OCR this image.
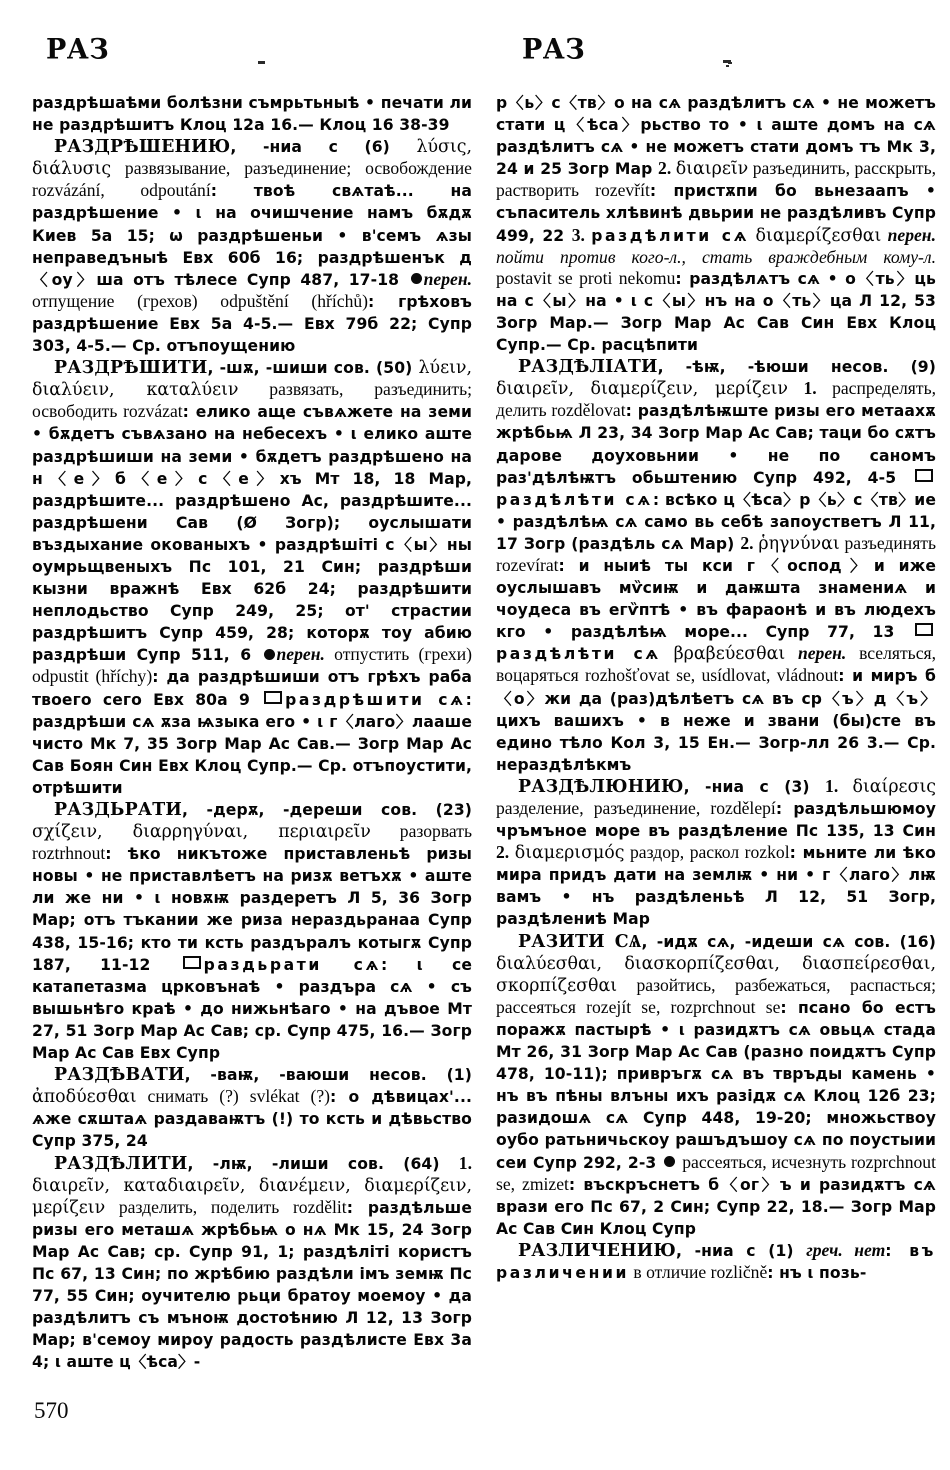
РАЗ	РАЗ
раздрѣшаѣми болѣзни съмрьтьныѣ • печати ли не раздрѣшитъ Клоц 12а 16.— Клоц 16 38-39
РАЗДРѢШЕНИЮ, -ниа с (6) λύσις, διάλυσις развязывание, разъединение; освобождение rozvázání, odpoutání: твоѣ свѧтаѣ... на раздрѣшение • ι на очишчение намъ бѫдѫ Киев 5а 15; ѡ раздрѣшеньи • в'семъ ѧзы неправедъныѣ Евх 60б 16; раздрѣшенък д〈оу〉ша отъ тѣлесе Супр 487, 17-18 перен. отпущение (грехов) odpuštění (hříchů): грѣховъ раздрѣшение Евх 5а 4-5.— Евх 79б 22; Супр 303, 4-5.— Ср. отъпоущению
РАЗДРѢШИТИ, -шѫ, -шиши сов. (50) λύειν, διαλύειν, καταλύειν развязать, разъединить; освободить rozvázat: елико аще съвѧжете на земи • бѫдетъ съвѧзано на небесехъ • ι елико аште раздрѣшиши на земи • бѫдетъ раздрѣшено на н〈е〉б〈е〉с〈е〉хъ Мт 18, 18 Мар, раздрѣшите... раздрѣшено Ас, раздрѣшите... раздрѣшени Сав (Ø Зогр); оуслышати въздыхание окованыхъ • раздрѣшiтi с〈ы〉ны оумрьщвеныхъ Пс 101, 21 Син; раздрѣши кызни вражнѣ Евх 62б 24; раздрѣшити неплодьство Супр 249, 25; от' страстии раздрѣшитъ Супр 459, 28; которѫ тоу абию раздрѣши Супр 511, 6 перен. отпустить (грехи) odpustit (hříchy): да раздрѣшиши отъ грѣхъ раба твоего сего Евх 80а 9 раздрѣшити сѧ: раздрѣши сѧ ѫза ѩзыка его • ι г〈лаго〉лааше чисто Мк 7, 35 Зогр Мар Ас Сав.— Зогр Мар Ас Сав Боян Син Евх Клоц Супр.— Ср. отъпоустити, отрѣшити
РАЗДЬРАТИ, -дерѫ, -дереши сов. (23) σχίζειν, διαρρηγύναι, περιαιρεῖν разорвать roztrhnout: ѣко никътоже приставленьѣ ризы новы • не приставлѣетъ на ризѫ ветъхѫ • аште ли же ни • ι новѫѭ раздеретъ Л 5, 36 Зогр Мар; отъ тъкании же риза нераздьранаа Супр 438, 15-16; кто ти ксть раздъралъ котыгѫ Супр 187, 11-12 раздьрати сѧ: ι се катапетазма црковънаѣ • раздъра сѧ • съ вышьнѣго краѣ • до нижьнѣаго • на дъвое Мт 27, 51 Зогр Мар Ас Сав; ср. Супр 475, 16.— Зогр Мар Ас Сав Евх Супр
РАЗДѢВАТИ, -ваѭ, -ваюши несов. (1) ἀποδύεσθαι снимать (?) svlékat (?): о дѣвицах'... ѧже сѫштаѧ раздаваѭтъ (!) то ксть и дѣвьство Супр 375, 24
РАЗДѢЛИТИ, -лѭ, -лиши сов. (64) 1. διαιρεῖν, καταδιαιρεῖν, διανέμειν, διαμερίζειν, μερίζειν разделить, поделить rozdělit: раздѣльше ризы его меташѧ жрѣбьѩ о нѧ Мк 15, 24 Зогр Мар Ас Сав; ср. Супр 91, 1; раздѣлiтi користъ Пс 67, 13 Син; по жрѣбию раздѣли iмъ земѭ Пс 77, 55 Син; оучителю рьци братоу моемоу • да раздѣлитъ съ мъноѭ достоѣнию Л 12, 13 Зогр Мар; в'семоу мироу радость раздѣлисте Евх 3а 4; ι аште ц〈ѣса〉-
р〈ь〉с〈тв〉о на сѧ раздѣлитъ сѧ • не можетъ стати ц〈ѣса〉рьство то • ι аште домъ на сѧ раздѣлитъ сѧ • не можетъ стати домъ тъ Мк 3, 24 и 25 Зогр Мар 2. διαιρεῖν разъединить, расскрыть, растворить rozevřít: пристѫпи бо вьнезаапъ • съпаситель хлѣвинѣ двьрии не раздѣливъ Супр 499, 22 3. раздѣлити сѧ διαμερίζεσθαι перен. пойти против кого-л., стать враждебным кому-л. postavit se proti nekomu: раздѣлѧтъ сѧ • о〈ть〉ць на с〈ы〉на • ι с〈ы〉нъ на о〈ть〉ца Л 12, 53 Зогр Мар.— Зогр Мар Ас Сав Син Евх Клоц Супр.— Ср. расцѣпити
РАЗДѢЛІАТИ, -ѣѭ, -ѣюши несов. (9) διαιρεῖν, διαμερίζειν, μερίζειν 1. распределять, делить rozdělovat: раздѣлѣѭште ризы его метаахѫ жрѣбьѩ Л 23, 34 Зогр Мар Ас Сав; таци бо сѫтъ дарове доуховьнии • не по саномъ раз'дѣлѣѭтъ обьштению Супр 492, 4-5 раздѣлѣти сѧ: всѣко ц〈ѣса〉р〈ь〉с〈тв〉ие • раздѣлѣѩ сѧ само вь себѣ запоустветъ Л 11, 17 Зогр (раздѣль сѧ Мар) 2. ῥηγνύναι разъединять rozevírat: и ныиѣ ты кси г〈оспод〉и иже оуслышавъ мѷсиѭ и даѭшта знамениѧ и чоудеса въ егѷптѣ • въ фараонѣ и въ людехъ кго • раздѣлѣѩ море... Супр 77, 13 раздѣлѣти сѧ βραβεύεσθαι перен. вселяться, воцаряться rozhošťovat se, usídlovat, vládnout: и миръ б〈о〉жи да (раз)дѣлѣетъ сѧ въ ср〈ъ〉д〈ъ〉цихъ вашихъ • в неже и звани (бы)сте въ едино тѣло Кол 3, 15 Ен.— Зогр-лл 26 3.— Ср. нераздѣлѣкмъ
РАЗДѢЛЮНИЮ, -ниа с (3) 1. διαίρεσις разделение, разъединение, rozdělepí: раздѣльшюмоу чръмъное море въ раздѣление Пс 135, 13 Син 2. διαμερισμός раздор, раскол rozkol: мьните ли ѣко мира придъ дати на землѭ • ни • г〈лаго〉лѭ вамъ • нъ раздѣленьѣ Л 12, 51 Зогр, раздѣлениѣ Мар
РАЗИТИ СѦ, -идѫ сѧ, -идеши сѧ сов. (16) διαλύεσθαι, διασκορπίζεσθαι, διασπείρεσθαι, σκορπίζεσθαι разойтись, разбежаться, распасться; рассеяться rozejít se, rozprchnout se: псано бо естъ поражѫ пастырѣ • ι разидѫтъ сѧ овьцѧ стада Мт 26, 31 Зогр Мар Ас Сав (разно поидѫтъ Супр 478, 10-11); привръгѫ сѧ въ твръды камень • нъ въ пѣны влъны ихъ разiдѫ сѧ Клоц 12б 23; разидошѧ сѧ Супр 448, 19-20; множьствоу оубо ратьничьскоу рашъдъшоу сѧ по поустыии сеи Супр 292, 2-3  рассеяться, исчезнуть rozprchnout se, zmizet: въскръснетъ б〈ог〉ъ и разидѫтъ сѧ врази его Пс 67, 2 Син; Супр 22, 18.— Зогр Мар Ас Сав Син Клоц Супр
РАЗЛИЧЕНИЮ, -ниа с (1) греч. нет: въ различении в отличие rozličně: нъ ι позь-
570
